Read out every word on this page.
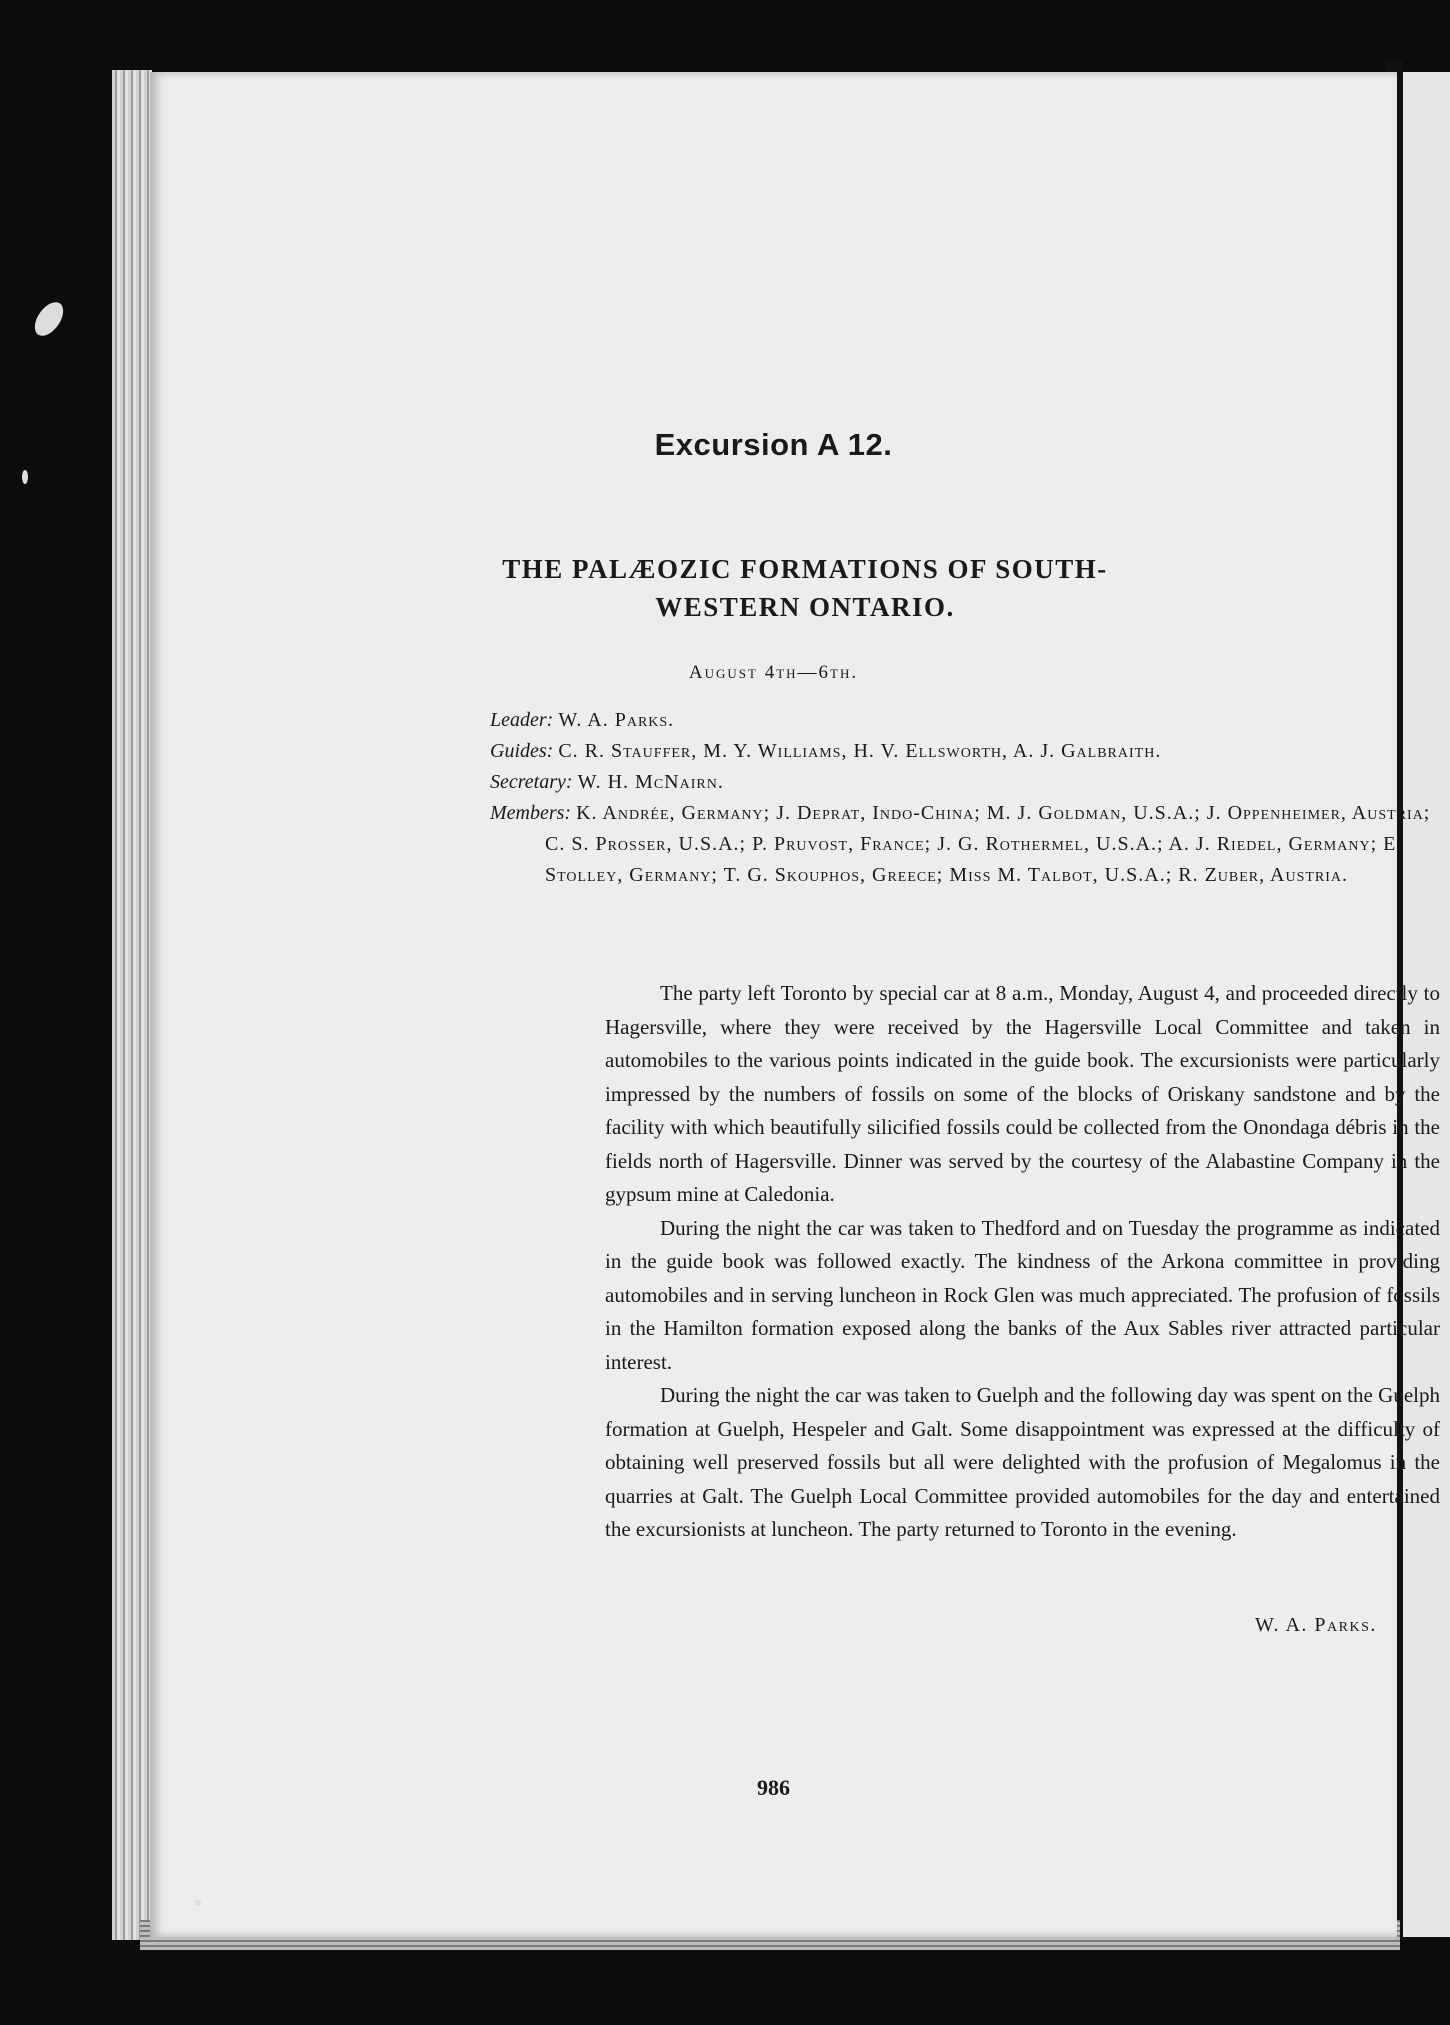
Excursion A 12.
THE PALÆOZIC FORMATIONS OF SOUTH-WESTERN ONTARIO.
August 4th—6th.
Leader: W. A. Parks.
Guides: C. R. Stauffer, M. Y. Williams, H. V. Ellsworth, A. J. Galbraith.
Secretary: W. H. McNairn.
Members: K. Andrée, Germany; J. Deprat, Indo-China; M. J. Goldman, U.S.A.; J. Oppenheimer, Austria; C. S. Prosser, U.S.A.; P. Pruvost, France; J. G. Rothermel, U.S.A.; A. J. Riedel, Germany; E. Stolley, Germany; T. G. Skouphos, Greece; Miss M. Talbot, U.S.A.; R. Zuber, Austria.

The party left Toronto by special car at 8 a.m., Monday, August 4, and proceeded directly to Hagersville, where they were received by the Hagersville Local Committee and taken in automobiles to the various points indicated in the guide book. The excursionists were particularly impressed by the numbers of fossils on some of the blocks of Oriskany sandstone and by the facility with which beautifully silicified fossils could be collected from the Onondaga débris in the fields north of Hagersville. Dinner was served by the courtesy of the Alabastine Company in the gypsum mine at Caledonia.

During the night the car was taken to Thedford and on Tuesday the programme as indicated in the guide book was followed exactly. The kindness of the Arkona committee in providing automobiles and in serving luncheon in Rock Glen was much appreciated. The profusion of fossils in the Hamilton formation exposed along the banks of the Aux Sables river attracted particular interest.

During the night the car was taken to Guelph and the following day was spent on the Guelph formation at Guelph, Hespeler and Galt. Some disappointment was expressed at the difficulty of obtaining well preserved fossils but all were delighted with the profusion of Megalomus in the quarries at Galt. The Guelph Local Committee provided automobiles for the day and entertained the excursionists at luncheon. The party returned to Toronto in the evening.

W. A. Parks.
986
